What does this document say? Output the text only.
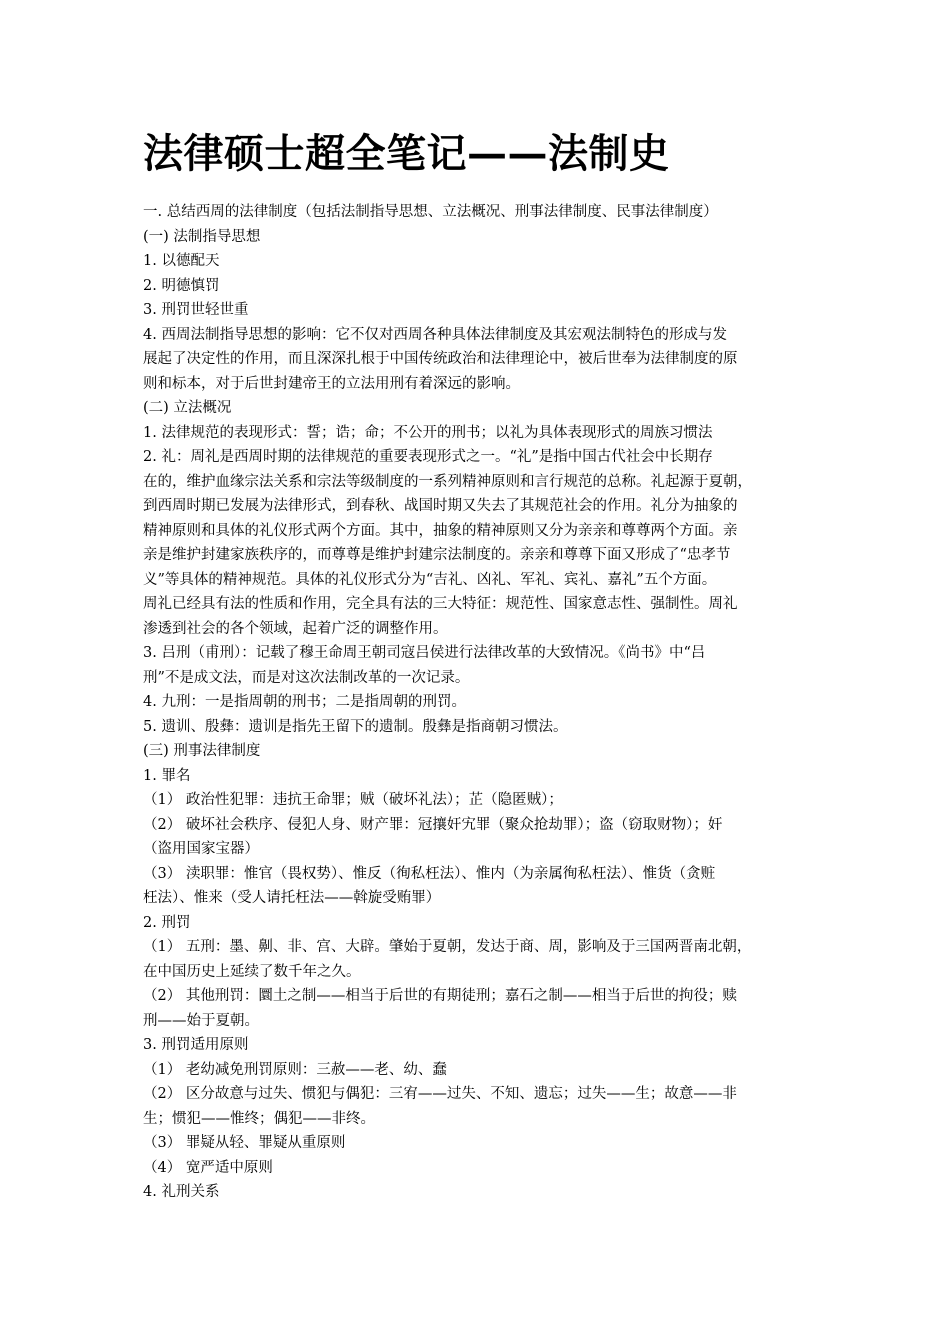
法律硕士超全笔记——法制史
一. 总结西周的法律制度（包括法制指导思想、立法概况、刑事法律制度、民事法律制度）
(一) 法制指导思想
1. 以德配天
2. 明德慎罚
3. 刑罚世轻世重
4. 西周法制指导思想的影响：它不仅对西周各种具体法律制度及其宏观法制特色的形成与发
展起了决定性的作用，而且深深扎根于中国传统政治和法律理论中，被后世奉为法律制度的原
则和标本，对于后世封建帝王的立法用刑有着深远的影响。
(二) 立法概况
1. 法律规范的表现形式：誓；诰；命；不公开的刑书；以礼为具体表现形式的周族习惯法
2. 礼：周礼是西周时期的法律规范的重要表现形式之一。“礼”是指中国古代社会中长期存
在的，维护血缘宗法关系和宗法等级制度的一系列精神原则和言行规范的总称。礼起源于夏朝，
到西周时期已发展为法律形式，到春秋、战国时期又失去了其规范社会的作用。礼分为抽象的
精神原则和具体的礼仪形式两个方面。其中，抽象的精神原则又分为亲亲和尊尊两个方面。亲
亲是维护封建家族秩序的，而尊尊是维护封建宗法制度的。亲亲和尊尊下面又形成了“忠孝节
义”等具体的精神规范。具体的礼仪形式分为“吉礼、凶礼、军礼、宾礼、嘉礼”五个方面。
周礼已经具有法的性质和作用，完全具有法的三大特征：规范性、国家意志性、强制性。周礼
渗透到社会的各个领域，起着广泛的调整作用。
3. 吕刑（甫刑）：记载了穆王命周王朝司寇吕侯进行法律改革的大致情况。《尚书》中“吕
刑”不是成文法，而是对这次法制改革的一次记录。
4. 九刑：一是指周朝的刑书；二是指周朝的刑罚。
5. 遗训、殷彝：遗训是指先王留下的遗制。殷彝是指商朝习惯法。
(三) 刑事法律制度
1. 罪名
（1） 政治性犯罪：违抗王命罪；贼（破坏礼法）；芷（隐匿贼）；
（2） 破坏社会秩序、侵犯人身、财产罪：冠攘奸宄罪（聚众抢劫罪）；盗（窃取财物）；奸
（盗用国家宝器）
（3） 渎职罪：惟官（畏权势）、惟反（徇私枉法）、惟内（为亲属徇私枉法）、惟货（贪赃
枉法）、惟来（受人请托枉法——斡旋受贿罪）
2. 刑罚
（1） 五刑：墨、劓、非、宫、大辟。肇始于夏朝，发达于商、周，影响及于三国两晋南北朝，
在中国历史上延续了数千年之久。
（2） 其他刑罚：圜土之制——相当于后世的有期徒刑；嘉石之制——相当于后世的拘役；赎
刑——始于夏朝。
3. 刑罚适用原则
（1） 老幼减免刑罚原则：三赦——老、幼、蠢
（2） 区分故意与过失、惯犯与偶犯：三宥——过失、不知、遗忘；过失——生；故意——非
生；惯犯——惟终；偶犯——非终。
（3） 罪疑从轻、罪疑从重原则
（4） 宽严适中原则
4. 礼刑关系
